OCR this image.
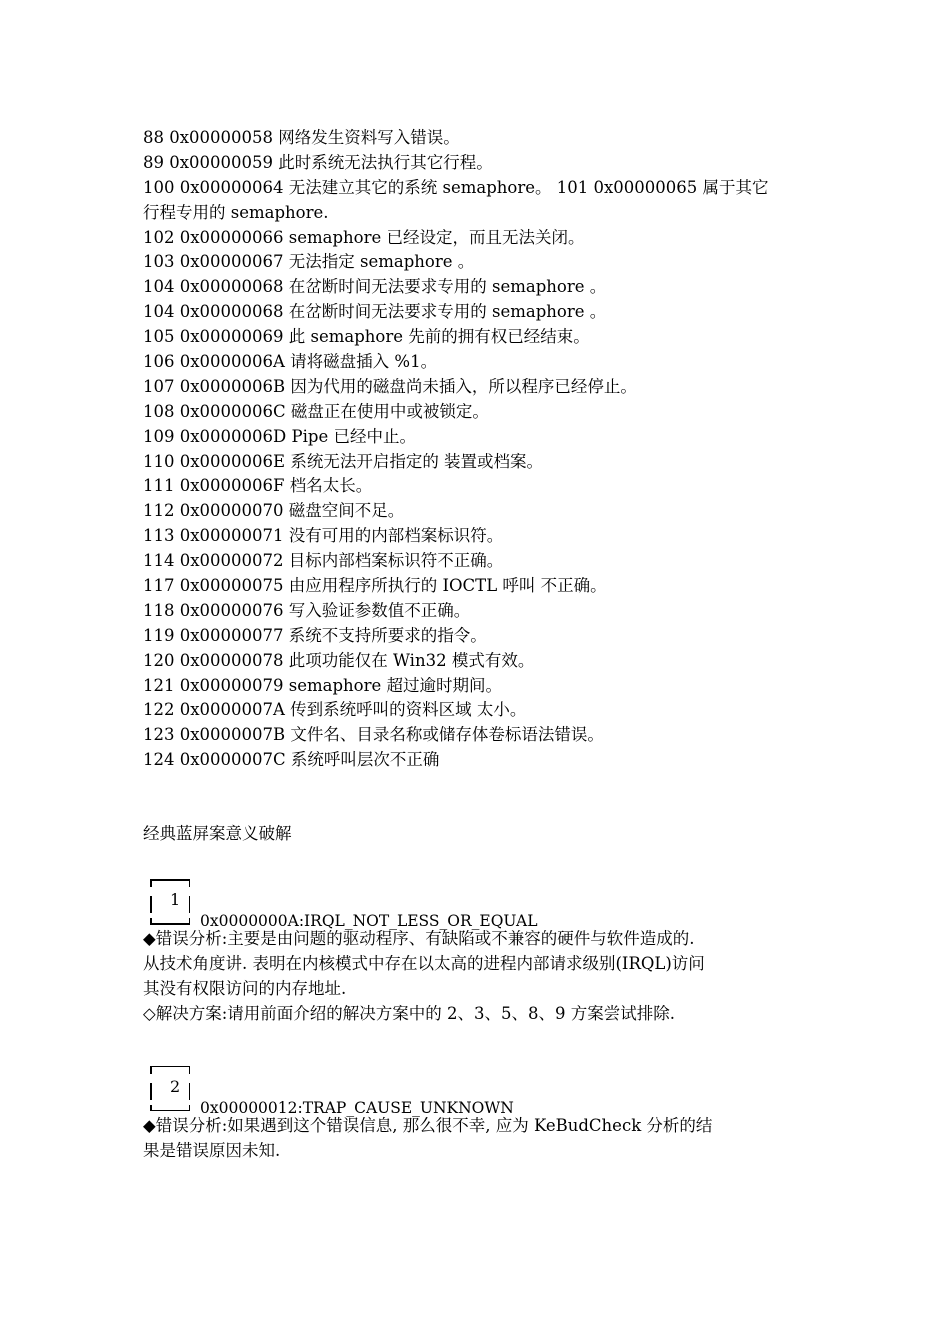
88 0x00000058 网络发生资料写入错误。
89 0x00000059 此时系统无法执行其它行程。
100 0x00000064 无法建立其它的系统 semaphore。 101 0x00000065 属于其它
行程专用的 semaphore.
102 0x00000066 semaphore 已经设定，而且无法关闭。
103 0x00000067 无法指定 semaphore 。
104 0x00000068 在岔断时间无法要求专用的 semaphore 。
104 0x00000068 在岔断时间无法要求专用的 semaphore 。
105 0x00000069 此 semaphore 先前的拥有权已经结束。
106 0x0000006A 请将磁盘插入 %1。
107 0x0000006B 因为代用的磁盘尚未插入，所以程序已经停止。
108 0x0000006C 磁盘正在使用中或被锁定。
109 0x0000006D Pipe 已经中止。
110 0x0000006E 系统无法开启指定的 装置或档案。
111 0x0000006F 档名太长。
112 0x00000070 磁盘空间不足。
113 0x00000071 没有可用的内部档案标识符。
114 0x00000072 目标内部档案标识符不正确。
117 0x00000075 由应用程序所执行的 IOCTL 呼叫 不正确。
118 0x00000076 写入验证参数值不正确。
119 0x00000077 系统不支持所要求的指令。
120 0x00000078 此项功能仅在 Win32 模式有效。
121 0x00000079 semaphore 超过逾时期间。
122 0x0000007A 传到系统呼叫的资料区域 太小。
123 0x0000007B 文件名、目录名称或储存体卷标语法错误。
124 0x0000007C 系统呼叫层次不正确
经典蓝屏案意义破解
1
0x0000000A:IRQL_NOT_LESS_OR_EQUAL
◆错误分析:主要是由问题的驱动程序、有缺陷或不兼容的硬件与软件造成的.
从技术角度讲. 表明在内核模式中存在以太高的进程内部请求级别(IRQL)访问
其没有权限访问的内存地址.
◇解决方案:请用前面介绍的解决方案中的 2、3、5、8、9 方案尝试排除.
2
0x00000012:TRAP_CAUSE_UNKNOWN
◆错误分析:如果遇到这个错误信息, 那么很不幸, 应为 KeBudCheck 分析的结
果是错误原因未知.
